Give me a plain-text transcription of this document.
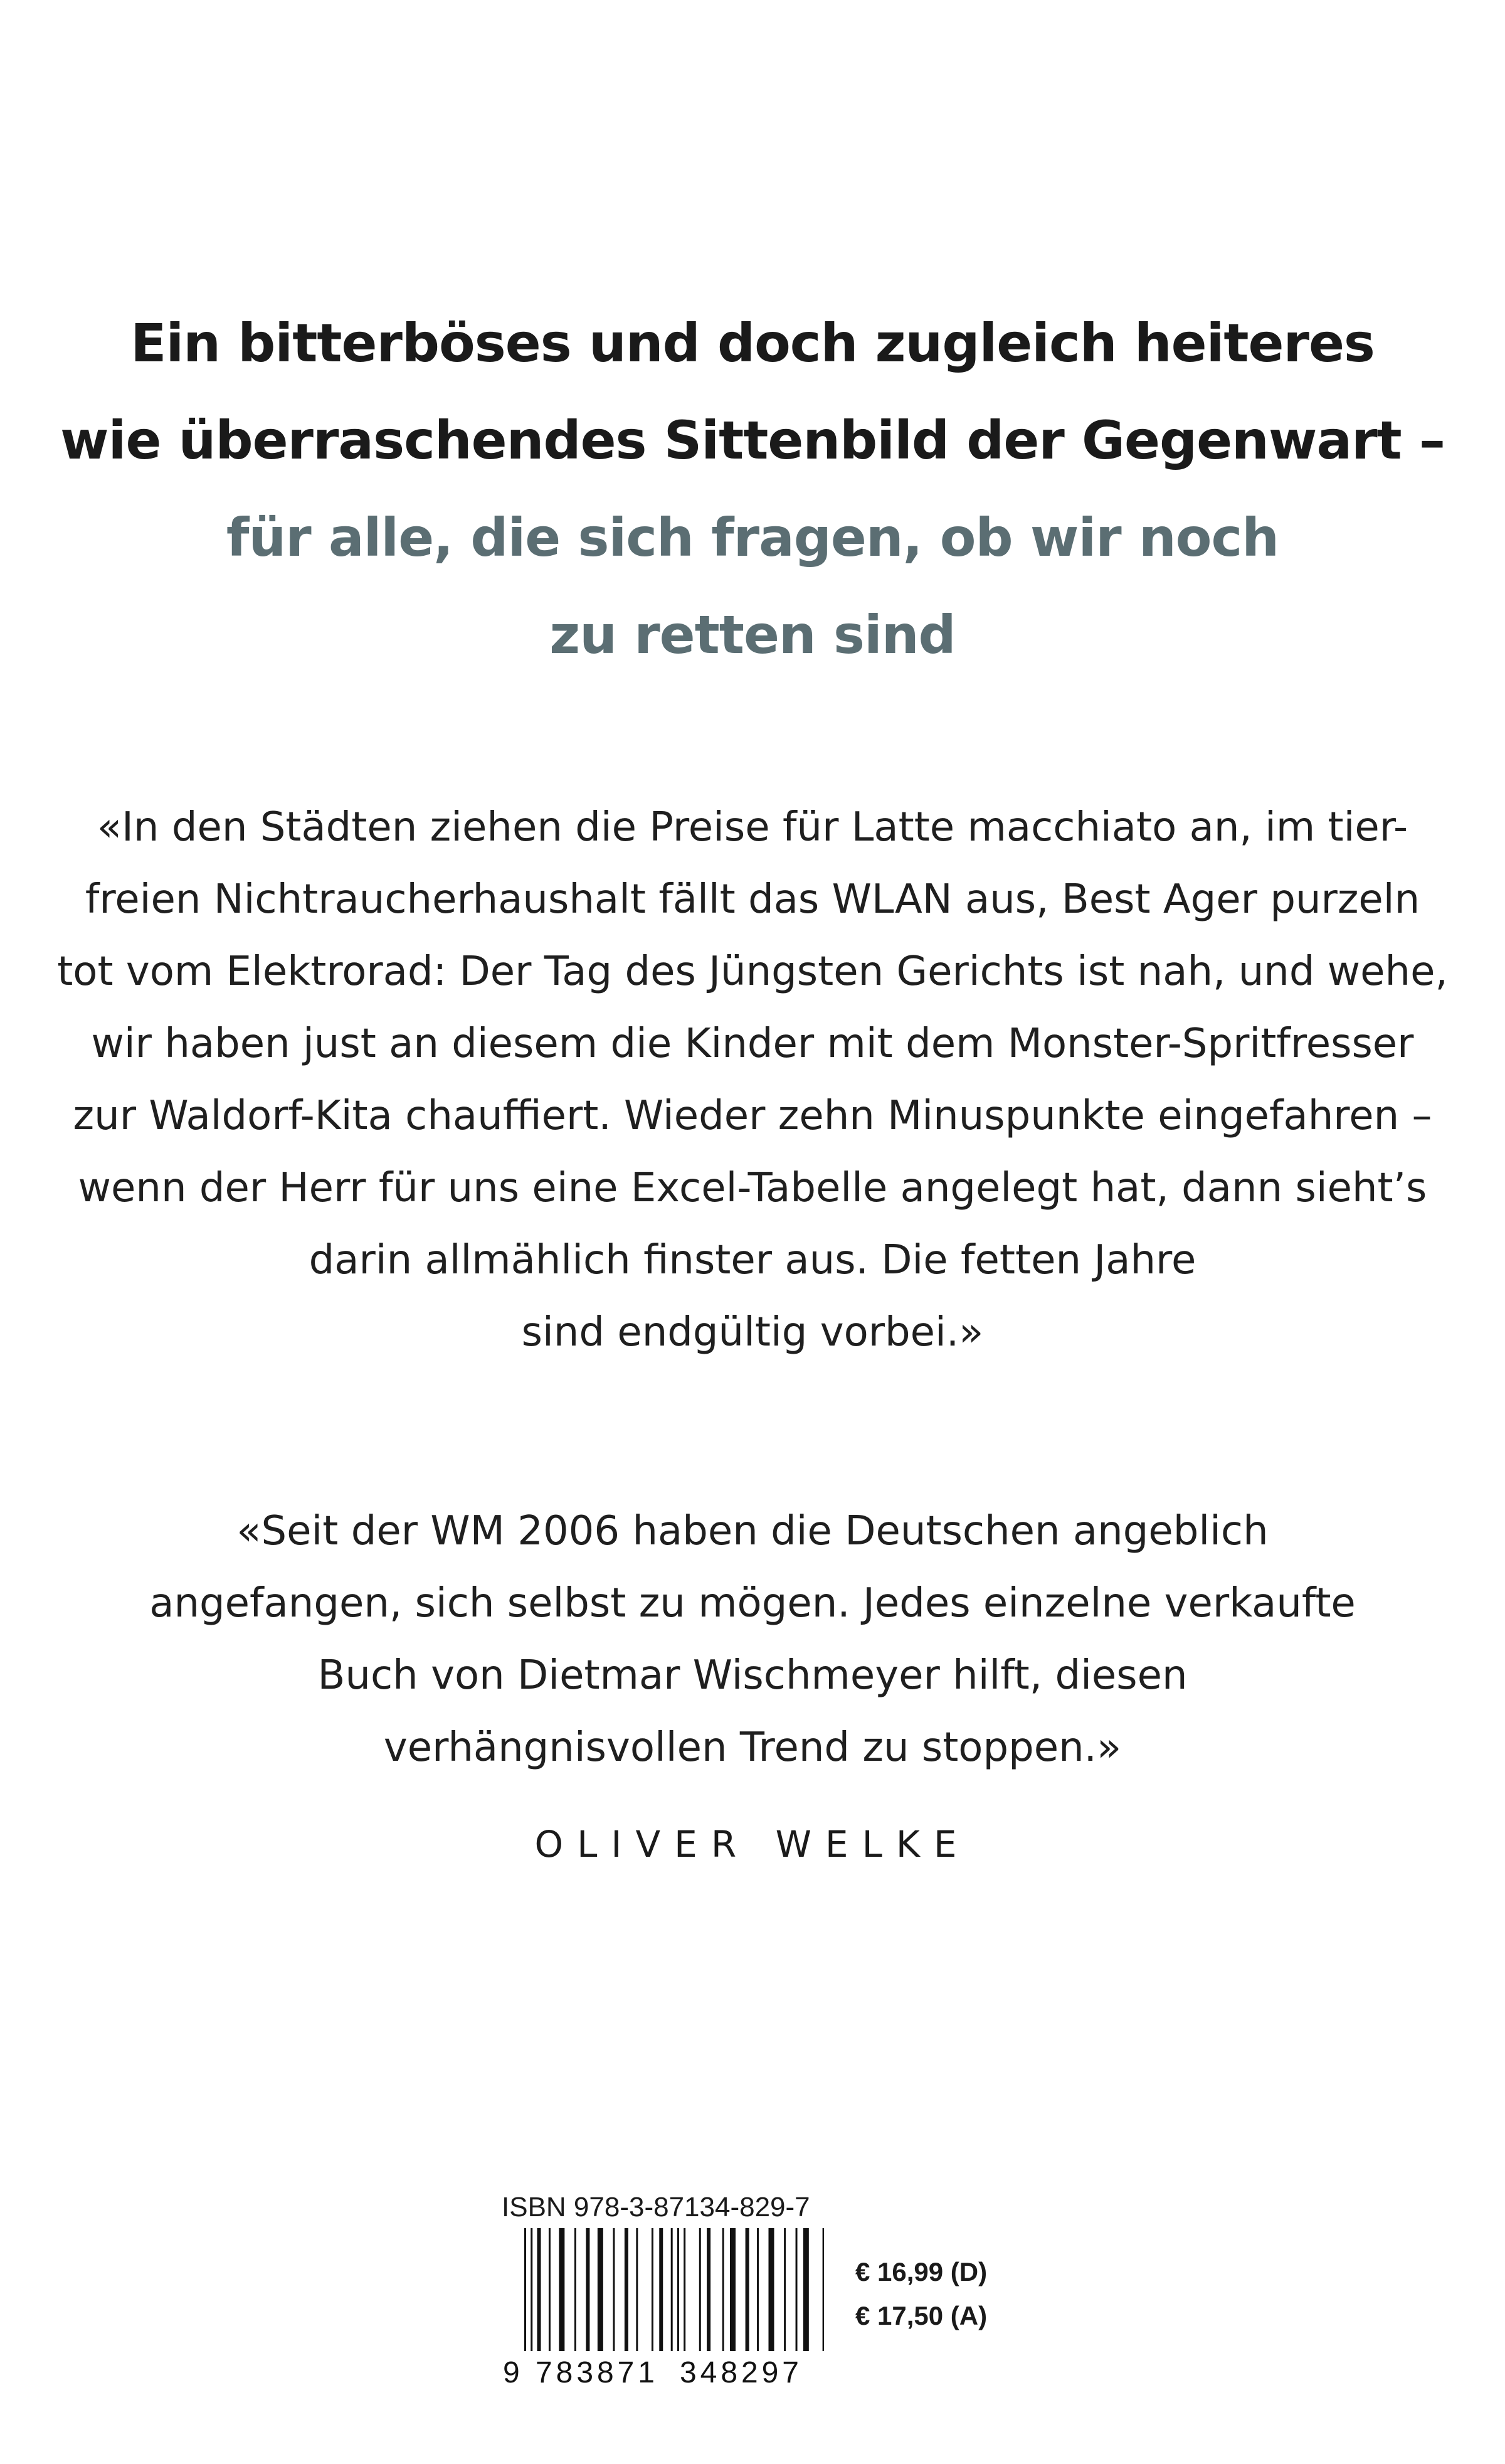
Ein bitterböses und doch zugleich heiteres
wie überraschendes Sittenbild der Gegenwart –
für alle, die sich fragen, ob wir noch
zu retten sind
«In den Städten ziehen die Preise für Latte macchiato an, im tier-
freien Nichtraucherhaushalt fällt das WLAN aus, Best Ager purzeln
tot vom Elektrorad: Der Tag des Jüngsten Gerichts ist nah, und wehe,
wir haben just an diesem die Kinder mit dem Monster-Spritfresser
zur Waldorf-Kita chauffiert. Wieder zehn Minuspunkte eingefahren –
wenn der Herr für uns eine Excel-Tabelle angelegt hat, dann sieht’s
darin allmählich finster aus. Die fetten Jahre
sind endgültig vorbei.»
«Seit der WM 2006 haben die Deutschen angeblich
angefangen, sich selbst zu mögen. Jedes einzelne verkaufte
Buch von Dietmar Wischmeyer hilft, diesen
verhängnisvollen Trend zu stoppen.»
OLIVER WELKE
ISBN 978-3-87134-829-7
9 783871 348297
€ 16,99 (D)
€ 17,50 (A)
